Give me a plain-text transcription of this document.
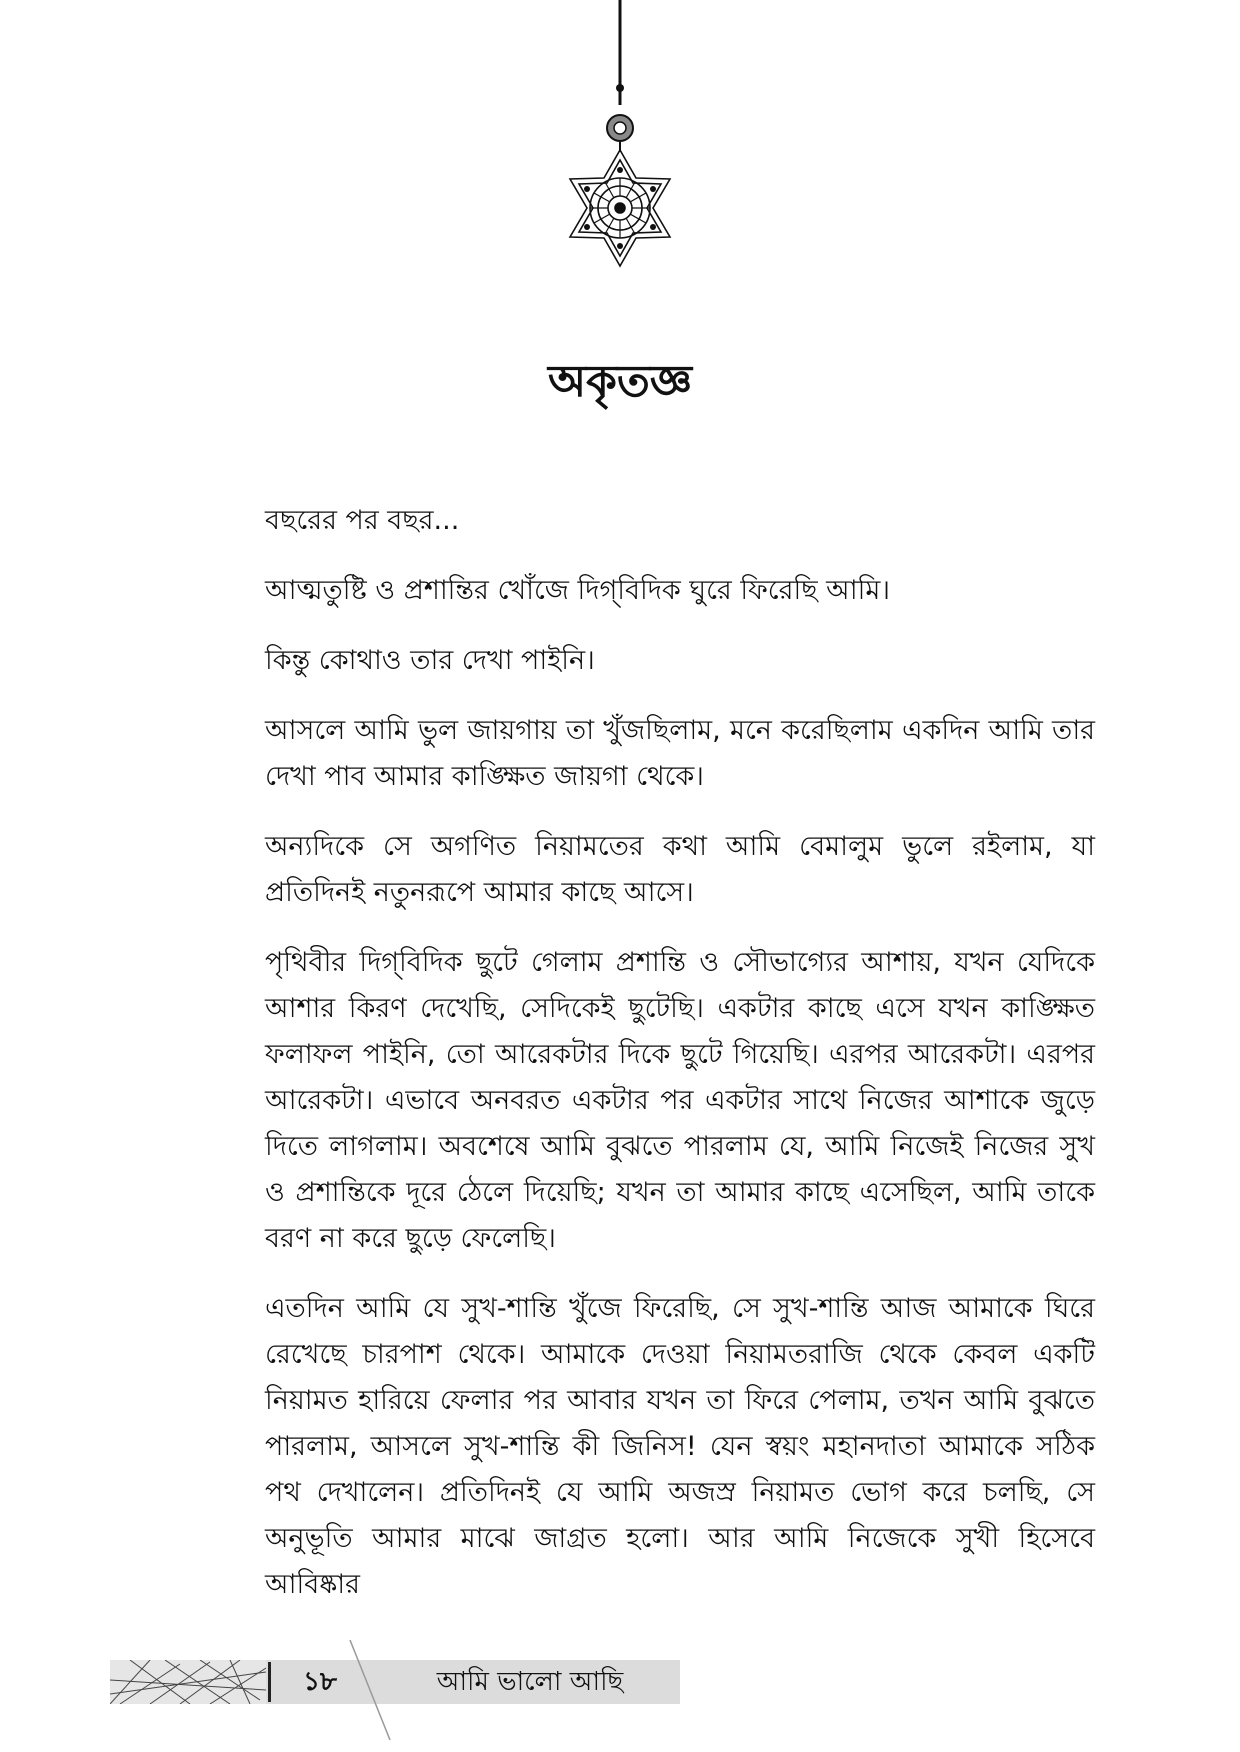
অকৃতজ্ঞ

বছরের পর বছর...

আত্মতুষ্টি ও প্রশান্তির খোঁজে দিগ্‌বিদিক ঘুরে ফিরেছি আমি।

কিন্তু কোথাও তার দেখা পাইনি।

আসলে আমি ভুল জায়গায় তা খুঁজছিলাম, মনে করেছিলাম একদিন আমি তার দেখা পাব আমার কাঙ্ক্ষিত জায়গা থেকে।

অন্যদিকে সে অগণিত নিয়ামতের কথা আমি বেমালুম ভুলে রইলাম, যা প্রতিদিনই নতুনরূপে আমার কাছে আসে।

পৃথিবীর দিগ্‌বিদিক ছুটে গেলাম প্রশান্তি ও সৌভাগ্যের আশায়, যখন যেদিকে আশার কিরণ দেখেছি, সেদিকেই ছুটেছি। একটার কাছে এসে যখন কাঙ্ক্ষিত ফলাফল পাইনি, তো আরেকটার দিকে ছুটে গিয়েছি। এরপর আরেকটা। এরপর আরেকটা। এভাবে অনবরত একটার পর একটার সাথে নিজের আশাকে জুড়ে দিতে লাগলাম। অবশেষে আমি বুঝতে পারলাম যে, আমি নিজেই নিজের সুখ ও প্রশান্তিকে দূরে ঠেলে দিয়েছি; যখন তা আমার কাছে এসেছিল, আমি তাকে বরণ না করে ছুড়ে ফেলেছি।

এতদিন আমি যে সুখ-শান্তি খুঁজে ফিরেছি, সে সুখ-শান্তি আজ আমাকে ঘিরে রেখেছে চারপাশ থেকে। আমাকে দেওয়া নিয়ামতরাজি থেকে কেবল একটি নিয়ামত হারিয়ে ফেলার পর আবার যখন তা ফিরে পেলাম, তখন আমি বুঝতে পারলাম, আসলে সুখ-শান্তি কী জিনিস! যেন স্বয়ং মহানদাতা আমাকে সঠিক পথ দেখালেন। প্রতিদিনই যে আমি অজস্র নিয়ামত ভোগ করে চলছি, সে অনুভূতি আমার মাঝে জাগ্রত হলো। আর আমি নিজেকে সুখী হিসেবে আবিষ্কার

১৮	আমি ভালো আছি
